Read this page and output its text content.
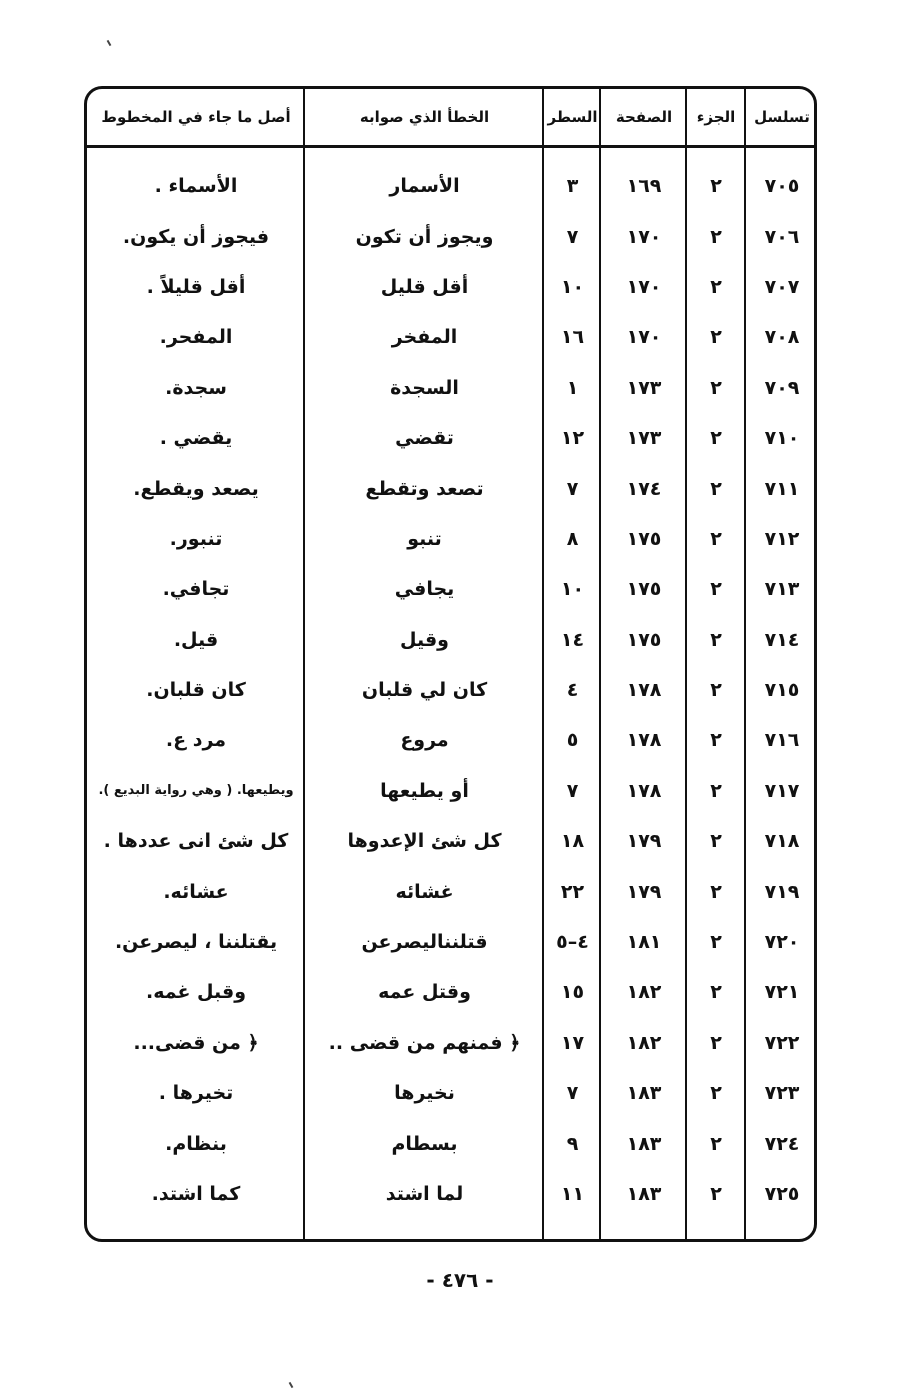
تسلسل
الجزء
الصفحة
السطر
الخطأ الذي صوابه
أصل ما جاء في المخطوط
٧٠٥
٢
١٦٩
٣
الأسمار
الأسماء .
٧٠٦
٢
١٧٠
٧
ويجوز أن تكون
فيجوز أن يكون.
٧٠٧
٢
١٧٠
١٠
أقل قليل
أقل قليلاً .
٧٠٨
٢
١٧٠
١٦
المفخر
المفحر.
٧٠٩
٢
١٧٣
١
السجدة
سجدة.
٧١٠
٢
١٧٣
١٢
تقضي
يقضي .
٧١١
٢
١٧٤
٧
تصعد وتقطع
يصعد ويقطع.
٧١٢
٢
١٧٥
٨
تنبو
تنبور.
٧١٣
٢
١٧٥
١٠
يجافي
تجافي.
٧١٤
٢
١٧٥
١٤
وقيل
قيل.
٧١٥
٢
١٧٨
٤
كان لي قلبان
كان قلبان.
٧١٦
٢
١٧٨
٥
مروع
مرد ع.
٧١٧
٢
١٧٨
٧
أو يطيعها
ويطيعها. ( وهي رواية البديع ).
٧١٨
٢
١٧٩
١٨
كل شئ الإعدوها
كل شئ انى عددها .
٧١٩
٢
١٧٩
٢٢
غشائه
عشائه.
٧٢٠
٢
١٨١
٤–٥
قتلنناليصرعن
يقتلننا ، ليصرعن.
٧٢١
٢
١٨٢
١٥
وقتل عمه
وقبل غمه.
٧٢٢
٢
١٨٢
١٧
﴿ فمنهم من قضى ..
﴿ من قضى...
٧٢٣
٢
١٨٣
٧
نخيرها
تخيرها .
٧٢٤
٢
١٨٣
٩
بسطام
بنظام.
٧٢٥
٢
١٨٣
١١
لما اشتد
كما اشتد.
- ٤٧٦ -
